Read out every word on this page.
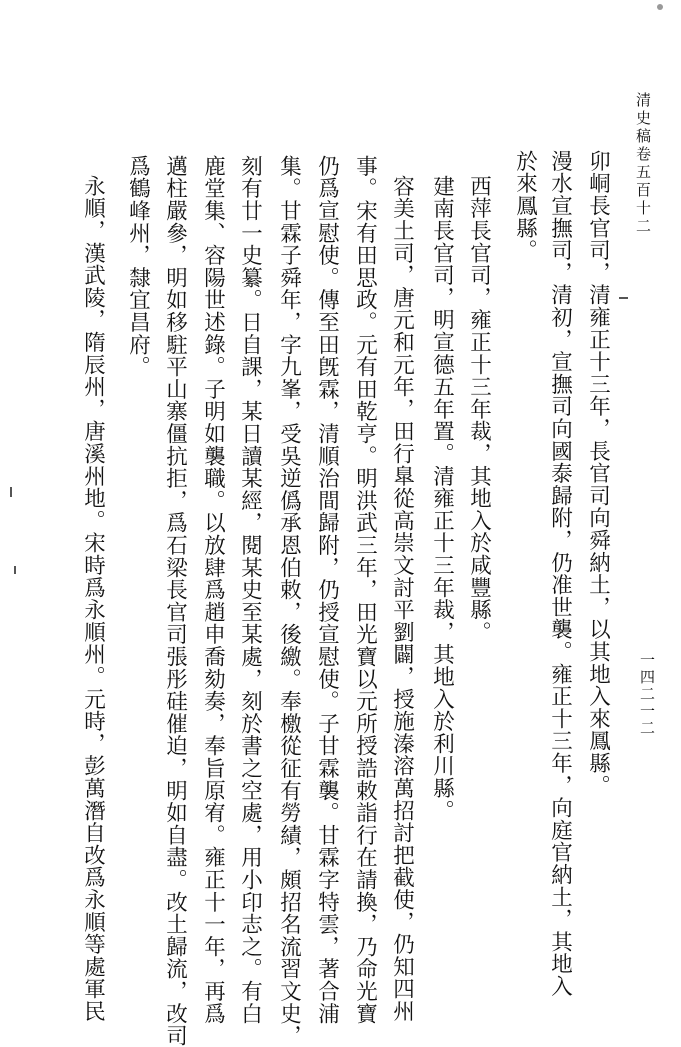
清史稿卷五百十二
一四二一二
卯峒長官司，清雍正十三年，長官司向舜納土，以其地入來鳳縣。
漫水宣撫司，清初，宣撫司向國泰歸附，仍准世襲。雍正十三年，向庭官納土，其地入
於來鳳縣。
西萍長官司，雍正十三年裁，其地入於咸豐縣。
建南長官司，明宣德五年置。清雍正十三年裁，其地入於利川縣。
容美土司，唐元和元年，田行臯從高崇文討平劉闢，授施溱溶萬招討把截使，仍知四州
事。宋有田思政。元有田乾亨。明洪武三年，田光寶以元所授誥敕詣行在請換，乃命光寶
仍爲宣慰使。傳至田旣霖，清順治間歸附，仍授宣慰使。子甘霖襲。甘霖字特雲，著合浦
集。甘霖子舜年，字九峯，受吳逆僞承恩伯敕，後繳。奉檄從征有勞績，頗招名流習文史，
刻有廿一史纂。日自課，某日讀某經，閱某史至某處，刻於書之空處，用小印志之。有白
鹿堂集、容陽世述錄。子明如襲職。以放肆爲趙申喬劾奏，奉旨原宥。雍正十一年，再爲
邁柱嚴參，明如移駐平山寨僵抗拒，爲石梁長官司張彤硅催迫，明如自盡。改土歸流，改司
爲鶴峰州，隸宜昌府。
永順，漢武陵，隋辰州，唐溪州地。宋時爲永順州。元時，彭萬潛自改爲永順等處軍民
